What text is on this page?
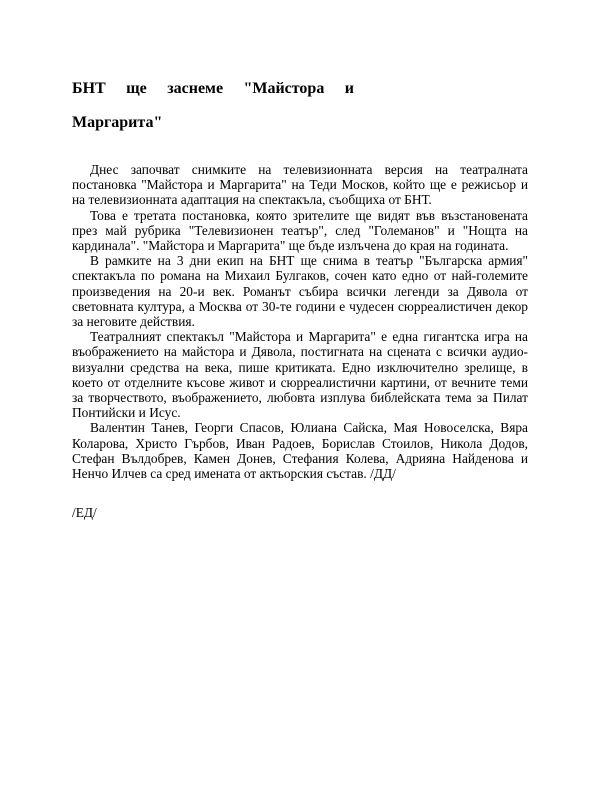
БНТ ще заснеме "Майстора и
Маргарита"

Днес започват снимките на телевизионната версия на театралната постановка "Майстора и Маргарита" на Теди Москов, който ще е режисьор и на телевизионната адаптация на спектакъла, съобщиха от БНТ.

Това е третата постановка, която зрителите ще видят във възстановената през май рубрика "Телевизионен театър", след "Големанов" и "Нощта на кардинала". "Майстора и Маргарита" ще бъде излъчена до края на годината.

В рамките на 3 дни екип на БНТ ще снима в театър "Българска армия" спектакъла по романа на Михаил Булгаков, сочен като едно от най-големите произведения на 20-и век. Романът събира всички легенди за Дявола от световната култура, а Москва от 30-те години е чудесен сюрреалистичен декор за неговите действия.

Театралният спектакъл "Майстора и Маргарита" е една гигантска игра на въображението на майстора и Дявола, постигната на сцената с всички аудио-визуални средства на века, пише критиката. Едно изключително зрелище, в което от отделните късове живот и сюрреалистични картини, от вечните теми за творчеството, въображението, любовта изплува библейската тема за Пилат Понтийски и Исус.

Валентин Танев, Георги Спасов, Юлиана Сайска, Мая Новоселска, Вяра Коларова, Христо Гърбов, Иван Радоев, Борислав Стоилов, Никола Додов, Стефан Вълдобрев, Камен Донев, Стефания Колева, Адрияна Найденова и Ненчо Илчев са сред имената от актьорския състав. /ДД/

/ЕД/
